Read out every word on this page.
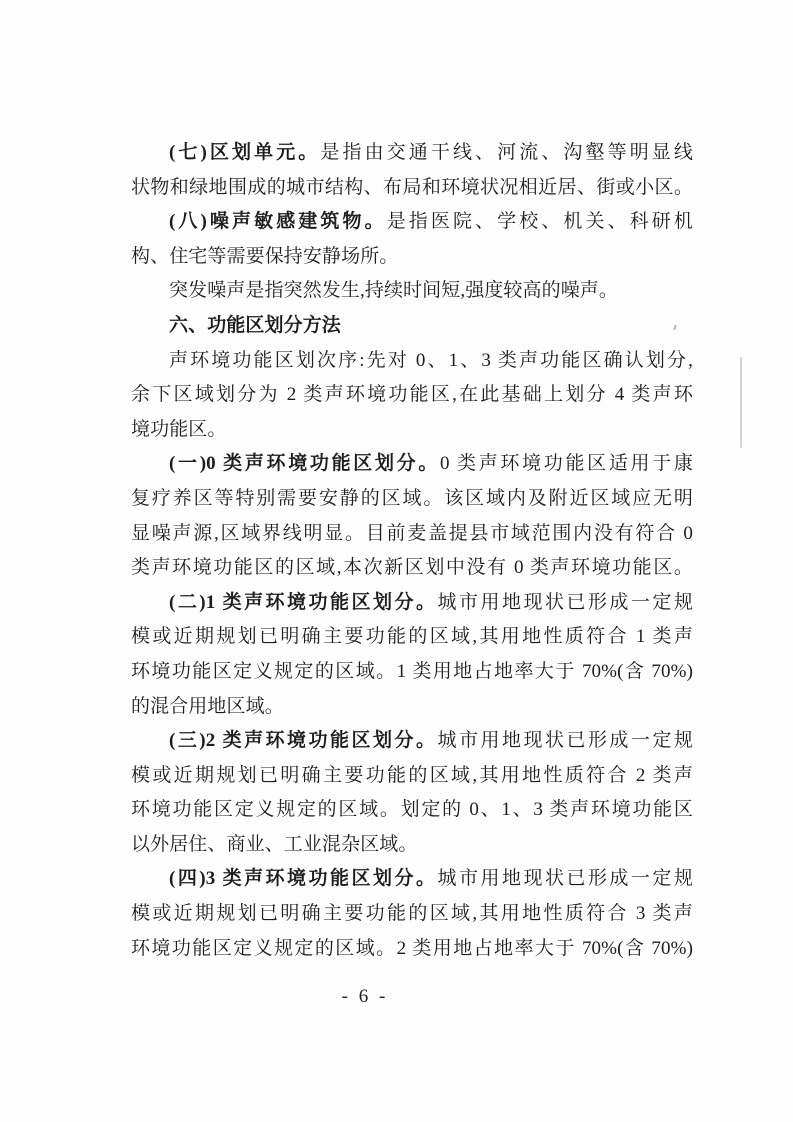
(七)区划单元。是指由交通干线、河流、沟壑等明显线
状物和绿地围成的城市结构、布局和环境状况相近居、街或小区。
(八)噪声敏感建筑物。是指医院、学校、机关、科研机
构、住宅等需要保持安静场所。
突发噪声是指突然发生,持续时间短,强度较高的噪声。
六、功能区划分方法
声环境功能区划次序:先对 0、1、3 类声功能区确认划分,
余下区域划分为 2 类声环境功能区,在此基础上划分 4 类声环
境功能区。
(一)0 类声环境功能区划分。0 类声环境功能区适用于康
复疗养区等特别需要安静的区域。该区域内及附近区域应无明
显噪声源,区域界线明显。目前麦盖提县市域范围内没有符合 0
类声环境功能区的区域,本次新区划中没有 0 类声环境功能区。
(二)1 类声环境功能区划分。城市用地现状已形成一定规
模或近期规划已明确主要功能的区域,其用地性质符合 1 类声
环境功能区定义规定的区域。1 类用地占地率大于 70%(含 70%)
的混合用地区域。
(三)2 类声环境功能区划分。城市用地现状已形成一定规
模或近期规划已明确主要功能的区域,其用地性质符合 2 类声
环境功能区定义规定的区域。划定的 0、1、3 类声环境功能区
以外居住、商业、工业混杂区域。
(四)3 类声环境功能区划分。城市用地现状已形成一定规
模或近期规划已明确主要功能的区域,其用地性质符合 3 类声
环境功能区定义规定的区域。2 类用地占地率大于 70%(含 70%)
- 6 -
